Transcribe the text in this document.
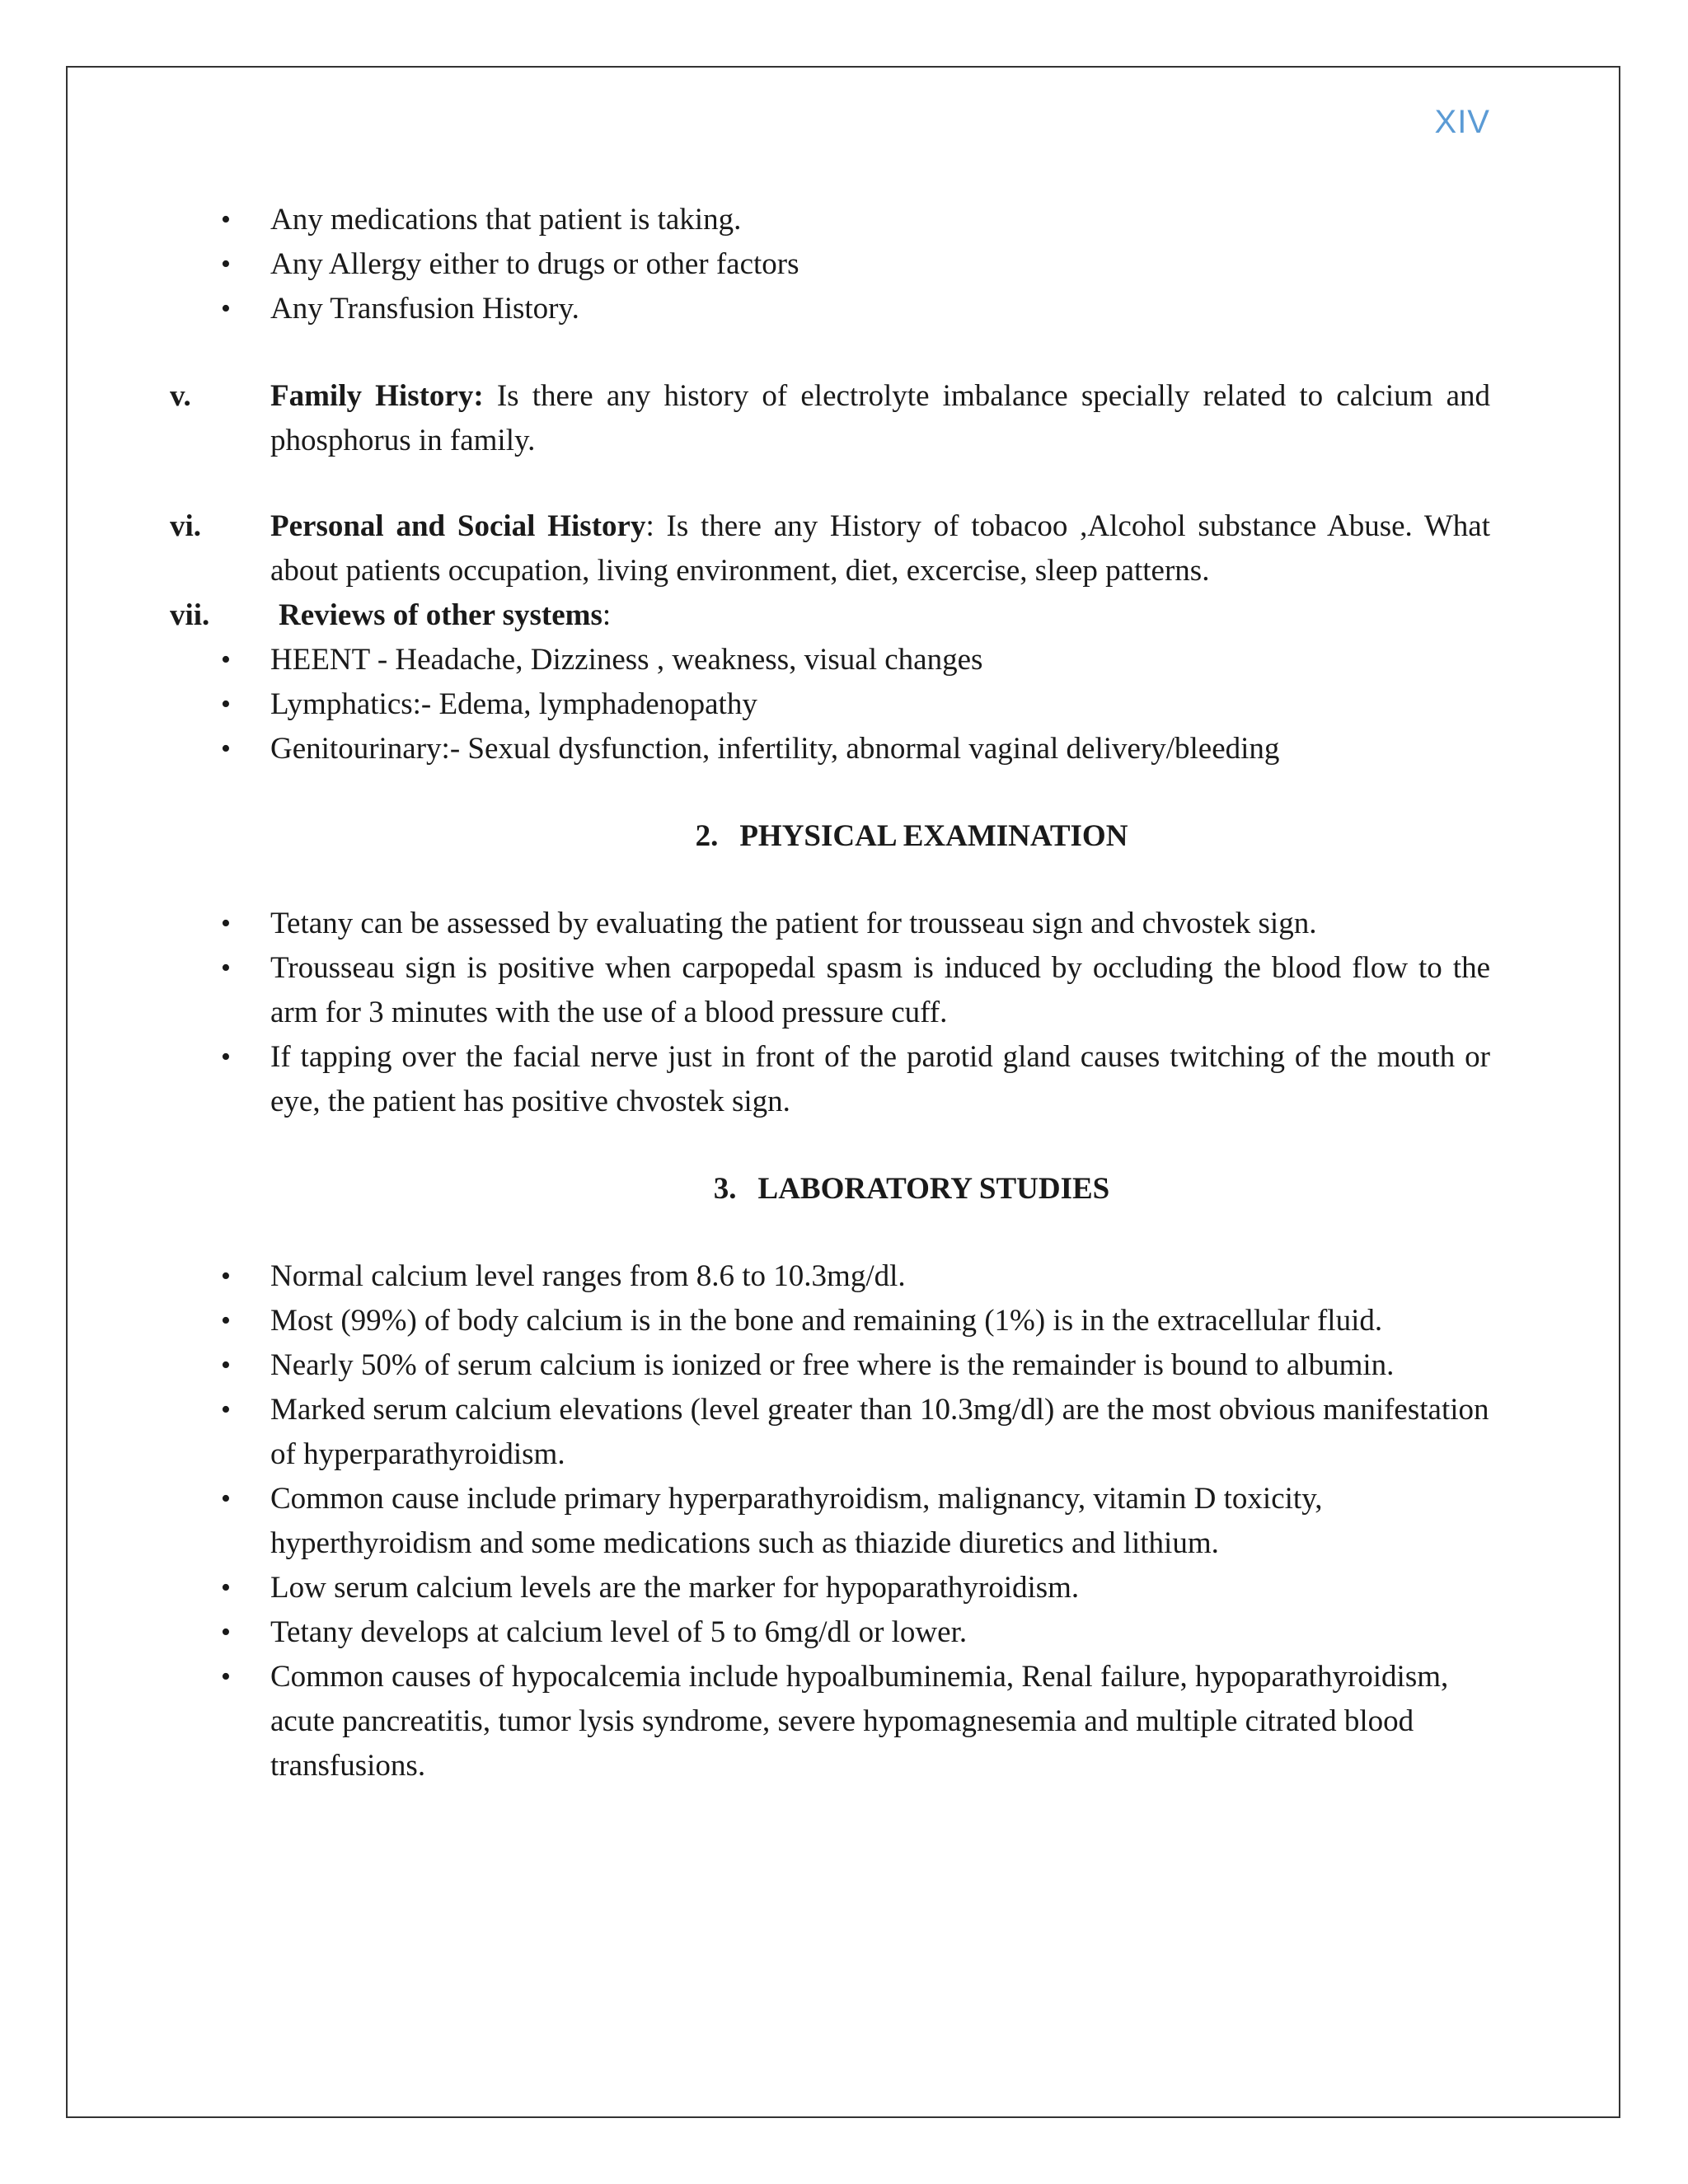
XIV
• Any medications that patient is taking.
• Any Allergy either to drugs or other factors
• Any Transfusion History.
v.	Family History: Is there any history of electrolyte imbalance specially related to calcium and phosphorus in family.
vi. Personal and Social History: Is there any History of tobacoo ,Alcohol substance Abuse. What about patients occupation, living environment, diet, excercise, sleep patterns.
vii. Reviews of other systems:
• HEENT - Headache, Dizziness , weakness, visual changes
• Lymphatics:- Edema, lymphadenopathy
• Genitourinary:- Sexual dysfunction, infertility, abnormal vaginal delivery/bleeding
2. PHYSICAL EXAMINATION
• Tetany can be assessed by evaluating the patient for trousseau sign and chvostek sign.
• Trousseau sign is positive when carpopedal spasm is induced by occluding the blood flow to the arm for 3 minutes with the use of a blood pressure cuff.
• If tapping over the facial nerve just in front of the parotid gland causes twitching of the mouth or eye, the patient has positive chvostek sign.
3. LABORATORY STUDIES
• Normal calcium level ranges from 8.6 to 10.3mg/dl.
• Most (99%) of body calcium is in the bone and remaining (1%) is in the extracellular fluid.
• Nearly 50% of serum calcium is ionized or free where is the remainder is bound to albumin.
• Marked serum calcium elevations (level greater than 10.3mg/dl) are the most obvious manifestation of hyperparathyroidism.
• Common cause include primary hyperparathyroidism, malignancy, vitamin D toxicity, hyperthyroidism and some medications such as thiazide diuretics and lithium.
• Low serum calcium levels are the marker for hypoparathyroidism.
• Tetany develops at calcium level of 5 to 6mg/dl or lower.
• Common causes of hypocalcemia include hypoalbuminemia, Renal failure, hypoparathyroidism, acute pancreatitis, tumor lysis syndrome, severe hypomagnesemia and multiple citrated blood transfusions.
